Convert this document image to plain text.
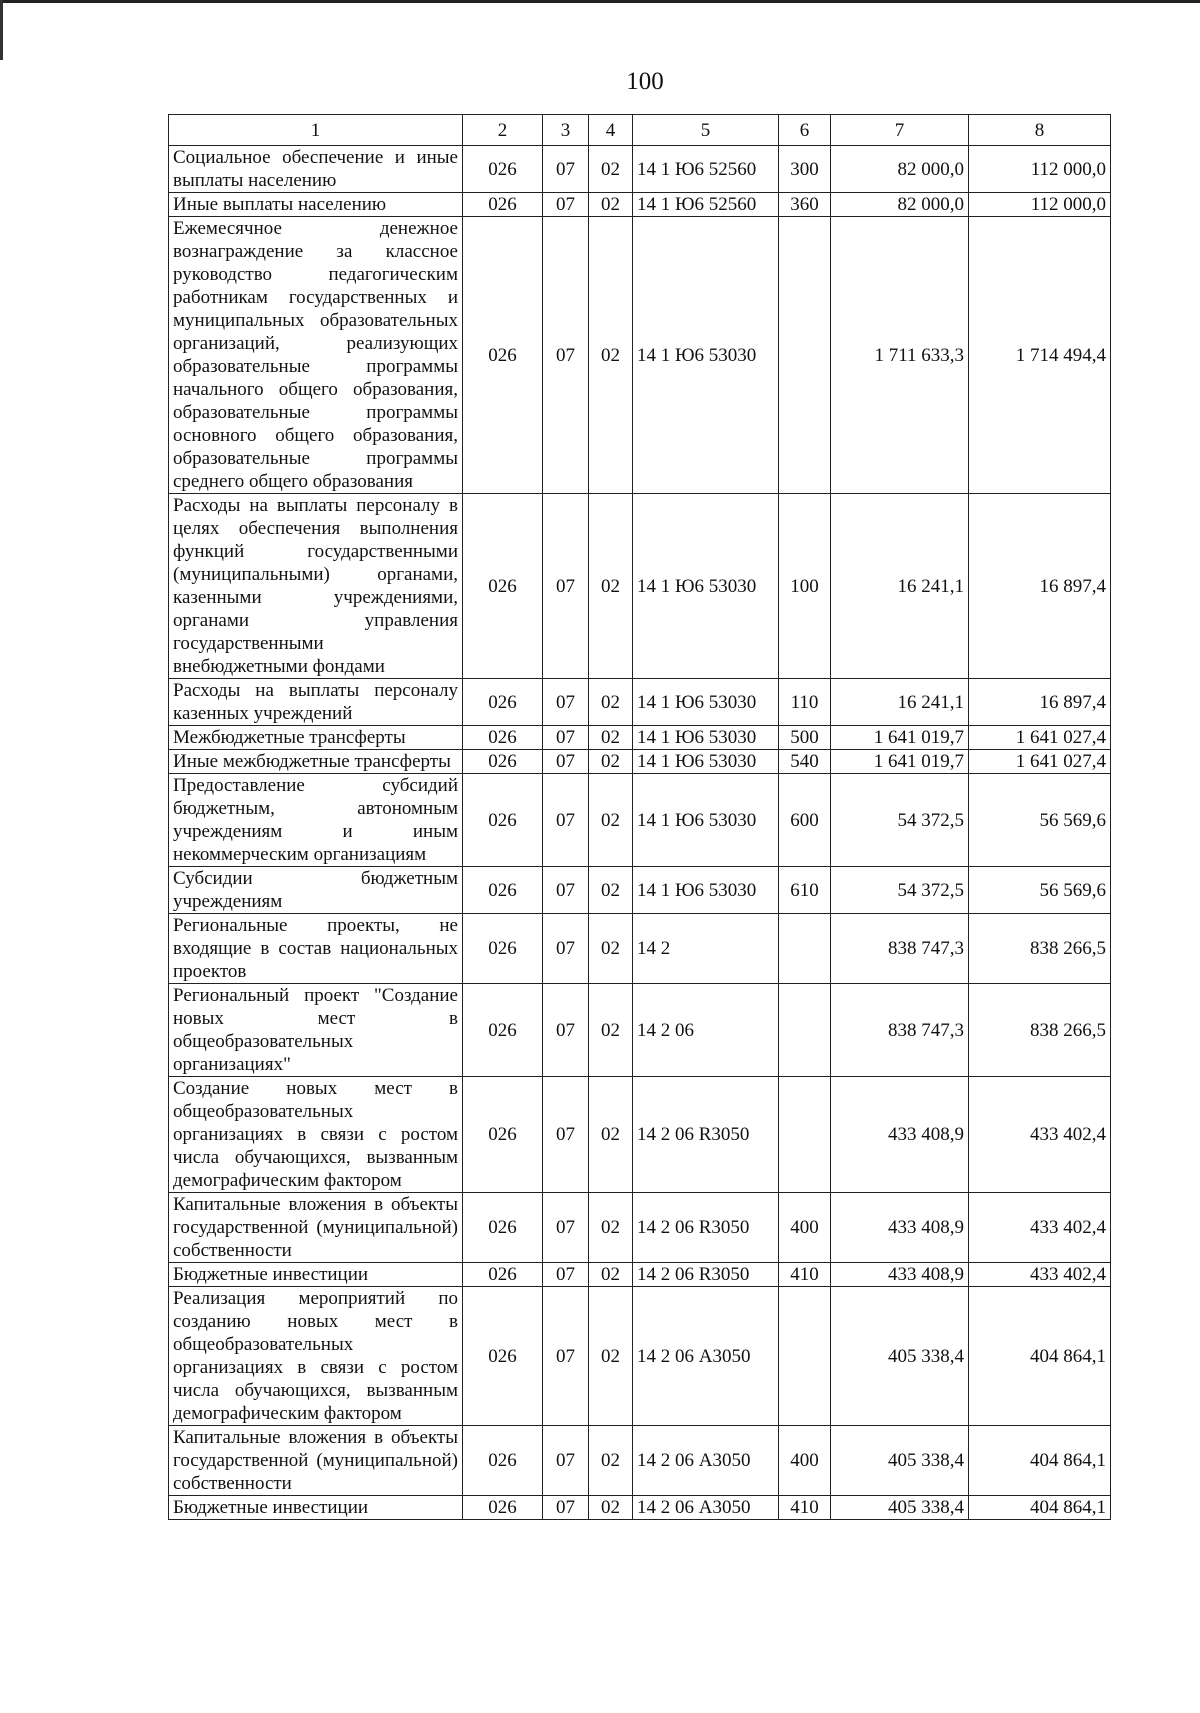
100
1	2	3	4	5	6	7	8
Социальное обеспечение и иные выплаты населению	026	07	02	14 1 Ю6 52560	300	82 000,0	112 000,0
Иные выплаты населению	026	07	02	14 1 Ю6 52560	360	82 000,0	112 000,0
Ежемесячное денежное вознаграждение за классное руководство педагогическим работникам государственных и муниципальных образовательных организаций, реализующих образовательные программы начального общего образования, образовательные программы основного общего образования, образовательные программы среднего общего образования	026	07	02	14 1 Ю6 53030		1 711 633,3	1 714 494,4
Расходы на выплаты персоналу в целях обеспечения выполнения функций государственными (муниципальными) органами, казенными учреждениями, органами управления государственными внебюджетными фондами	026	07	02	14 1 Ю6 53030	100	16 241,1	16 897,4
Расходы на выплаты персоналу казенных учреждений	026	07	02	14 1 Ю6 53030	110	16 241,1	16 897,4
Межбюджетные трансферты	026	07	02	14 1 Ю6 53030	500	1 641 019,7	1 641 027,4
Иные межбюджетные трансферты	026	07	02	14 1 Ю6 53030	540	1 641 019,7	1 641 027,4
Предоставление субсидий бюджетным, автономным учреждениям и иным некоммерческим организациям	026	07	02	14 1 Ю6 53030	600	54 372,5	56 569,6
Субсидии бюджетным учреждениям	026	07	02	14 1 Ю6 53030	610	54 372,5	56 569,6
Региональные проекты, не входящие в состав национальных проектов	026	07	02	14 2		838 747,3	838 266,5
Региональный проект "Создание новых мест в общеобразовательных организациях"	026	07	02	14 2 06		838 747,3	838 266,5
Создание новых мест в общеобразовательных организациях в связи с ростом числа обучающихся, вызванным демографическим фактором	026	07	02	14 2 06 R3050		433 408,9	433 402,4
Капитальные вложения в объекты государственной (муниципальной) собственности	026	07	02	14 2 06 R3050	400	433 408,9	433 402,4
Бюджетные инвестиции	026	07	02	14 2 06 R3050	410	433 408,9	433 402,4
Реализация мероприятий по созданию новых мест в общеобразовательных организациях в связи с ростом числа обучающихся, вызванным демографическим фактором	026	07	02	14 2 06 А3050		405 338,4	404 864,1
Капитальные вложения в объекты государственной (муниципальной) собственности	026	07	02	14 2 06 А3050	400	405 338,4	404 864,1
Бюджетные инвестиции	026	07	02	14 2 06 А3050	410	405 338,4	404 864,1
